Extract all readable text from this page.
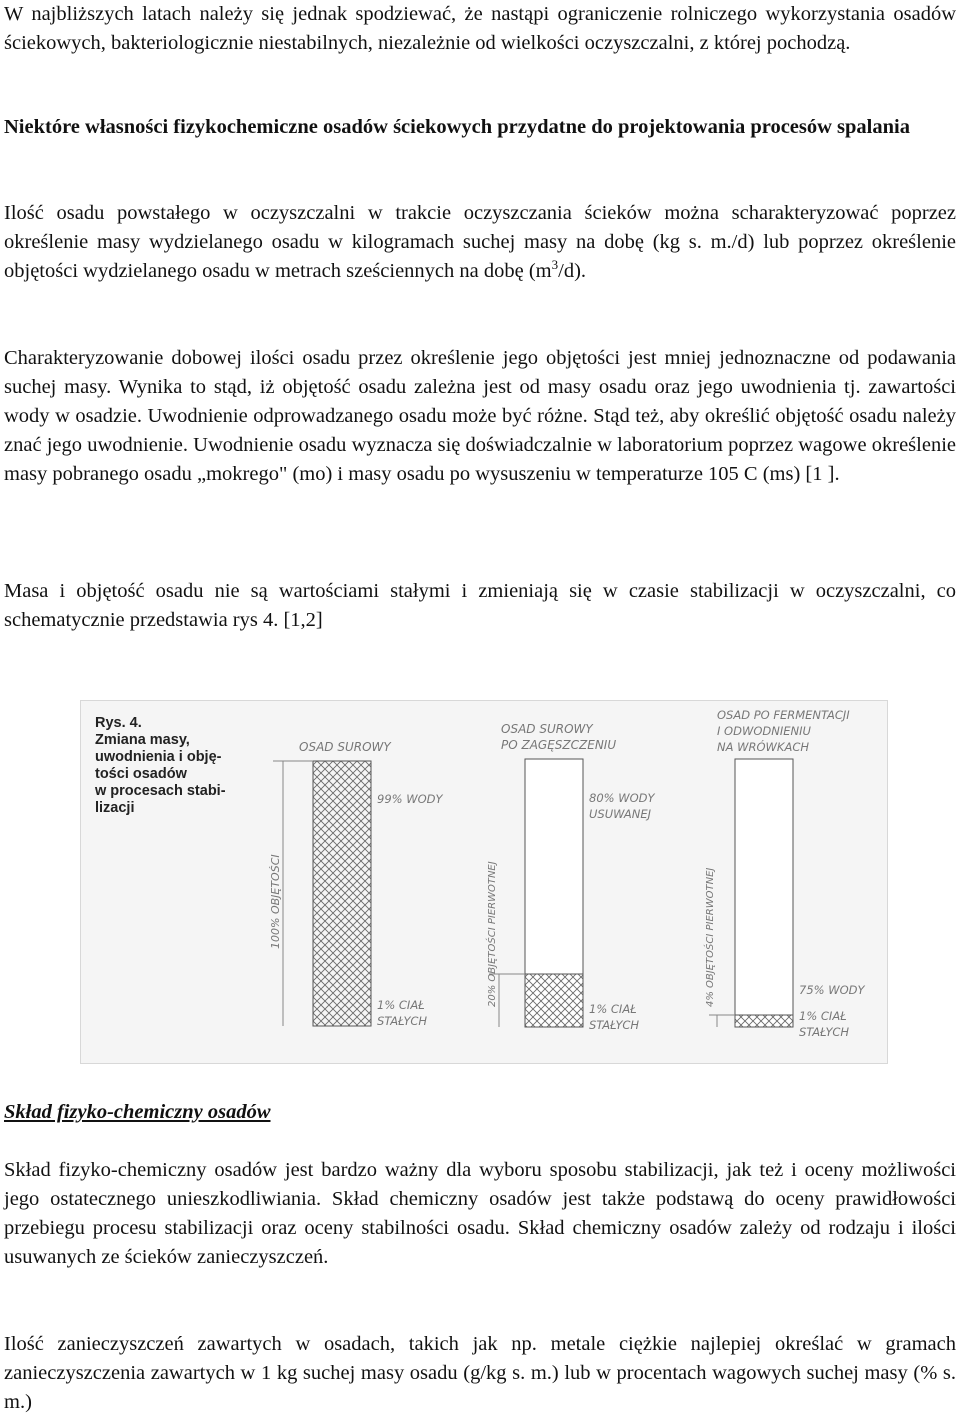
W najbliższych latach należy się jednak spodziewać, że nastąpi ograniczenie rolniczego wykorzystania osadów ściekowych, bakteriologicznie niestabilnych, niezależnie od wielkości oczyszczalni, z której pochodzą.

Niektóre własności fizykochemiczne osadów ściekowych przydatne do projektowania procesów spalania

Ilość osadu powstałego w oczyszczalni w trakcie oczyszczania ścieków można scharakteryzować poprzez określenie masy wydzielanego osadu w kilogramach suchej masy na dobę (kg s. m./d) lub poprzez określenie objętości wydzielanego osadu w metrach sześciennych na dobę $(m^3/d)$.

Charakteryzowanie dobowej ilości osadu przez określenie jego objętości jest mniej jednoznaczne od podawania suchej masy. Wynika to stąd, iż objętość osadu zależna jest od masy osadu oraz jego uwodnienia tj. zawartości wody w osadzie. Uwodnienie odprowadzanego osadu może być różne. Stąd też, aby określić objętość osadu należy znać jego uwodnienie. Uwodnienie osadu wyznacza się doświadczalnie w laboratorium poprzez wagowe określenie masy pobranego osadu „mokrego" (mo) i masy osadu po wysuszeniu w temperaturze 105 C (ms) [1 ].

Masa i objętość osadu nie są wartościami stałymi i zmieniają się w czasie stabilizacji w oczyszczalni, co schematycznie przedstawia rys 4. [1,2]

Skład fizyko-chemiczny osadów

Skład fizyko-chemiczny osadów jest bardzo ważny dla wyboru sposobu stabilizacji, jak też i oceny możliwości jego ostatecznego unieszkodliwiania. Skład chemiczny osadów jest także podstawą do oceny prawidłowości przebiegu procesu stabilizacji oraz oceny stabilności osadu. Skład chemiczny osadów zależy od rodzaju i ilości usuwanych ze ścieków zanieczyszczeń.

Ilość zanieczyszczeń zawartych w osadach, takich jak np. metale ciężkie najlepiej określać w gramach zanieczyszczenia zawartych w 1 kg suchej masy osadu (g/kg s. m.) lub w procentach wagowych suchej masy (% s. m.)

Rys. 4.
Zmiana masy,
uwodnienia i obję-
tości osadów
w procesach stabi-
lizacji
OSAD SUROWY
100% OBJĘTOŚCI
99% WODY
1% CIAŁ
STAŁYCH
OSAD SUROWY
PO ZAGĘSZCZENIU
20% OBJĘTOŚCI PIERWOTNEJ
80% WODY
USUWANEJ
1% CIAŁ
STAŁYCH
OSAD PO FERMENTACJI
I ODWODNIENIU
NA WRÓWKACH
4% OBJĘTOŚCI PIERWOTNEJ	75% WODY
1% CIAŁ
STAŁYCH
